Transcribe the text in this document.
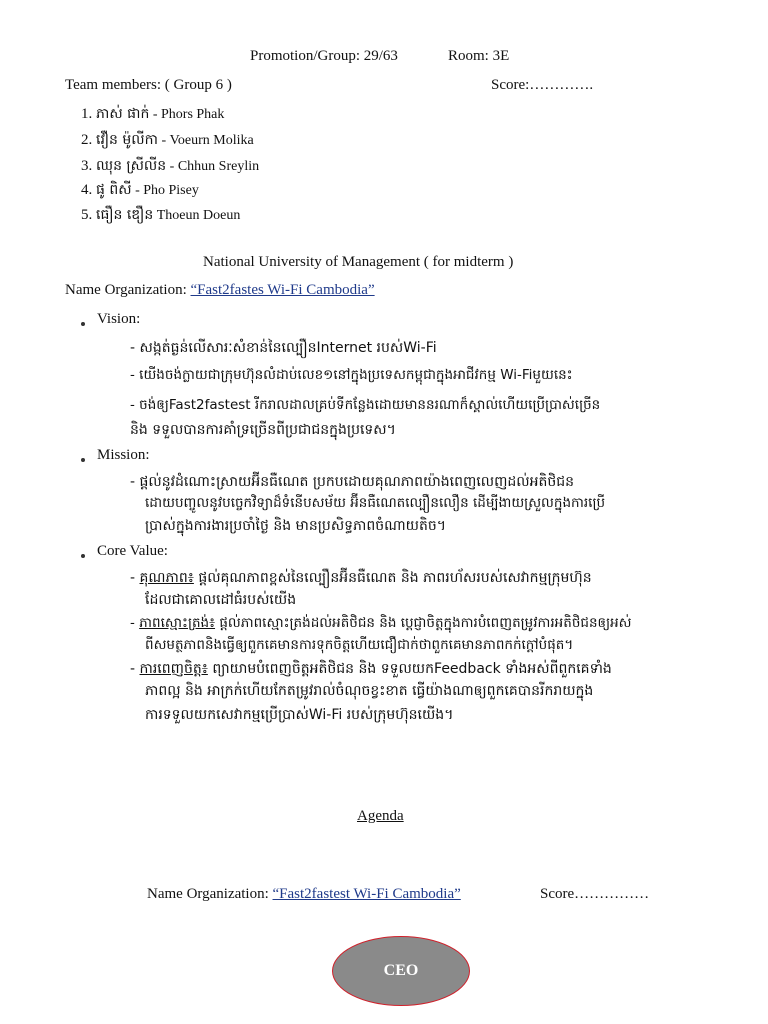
Promotion/Group: 29/63	Room: 3E
Team members: ( Group 6 )	Score:………….
1. ភាស់ ផាក់ - Phors Phak
2. វឿន ម៉ូលីកា - Voeurn Molika
3. ឈុន ស្រីលីន - Chhun Sreylin
4. ផូ ពិសី - Pho Pisey
5. ធឿន ឌឿន Thoeun Doeun
National University of Management ( for midterm )
Name Organization: “Fast2fastes Wi-Fi Cambodia”
Vision:
- សង្កត់ធ្ងន់លើសារៈសំខាន់នៃល្បឿនInternet របស់Wi-Fi
- យើងចង់ក្លាយជាក្រុមហ៊ុនលំដាប់លេខ១នៅក្នុងប្រទេសកម្ពុជាក្នុងអាជីវកម្ម Wi-Fiមួយនេះ
- ចង់ឲ្យFast2fastest រីករាលដាលគ្រប់ទីកន្លែងដោយមាននរណាក៏ស្គាល់ហើយប្រើប្រាស់ច្រើន
និង ទទួលបានការគាំទ្រច្រើនពីប្រជាជនក្នុងប្រទេស។
Mission:
- ផ្តល់នូវដំណោះស្រាយអ៊ីនធឺណេត ប្រកបដោយគុណភាពយ៉ាងពេញលេញដល់អតិថិជន
ដោយបញ្ចូលនូវបច្ចេកវិទ្យាដ៏ទំនើបសម័យ អ៊ីនធឺណេតល្បឿនលឿន ដើម្បីងាយស្រួលក្នុងការប្រើ
ប្រាស់ក្នុងការងារប្រចាំថ្ងៃ និង មានប្រសិទ្ធភាពចំណាយតិច។
Core Value:
- គុណភាព៖ ផ្តល់គុណភាពខ្ពស់នៃល្បឿនអ៊ីនធឺណេត និង ភាពរហ័សរបស់សេវាកម្មក្រុមហ៊ុន
ដែលជាគោលដៅធំរបស់យើង
- ភាពស្មោះត្រង់៖ ផ្តល់ភាពស្មោះត្រង់ដល់អតិថិជន និង ប្តេជ្ញាចិត្តក្នុងការបំពេញតម្រូវការអតិថិជនឲ្យអស់
ពីសមត្ថភាពនិងធ្វើឲ្យពួកគេមានការទុកចិត្តហើយជឿជាក់ថាពួកគេមានភាពកក់ក្តៅបំផុត។
- ការពេញចិត្ត៖ ព្យាយាមបំពេញចិត្តអតិថិជន និង ទទួលយកFeedback ទាំងអស់ពីពួកគេទាំង
ភាពល្អ និង អាក្រក់ហើយកែតម្រូវរាល់ចំណុចខ្វះខាត ធ្វើយ៉ាងណាឲ្យពួកគេបានរីករាយក្នុង
ការទទួលយកសេវាកម្មប្រើប្រាស់Wi-Fi របស់ក្រុមហ៊ុនយើង។
Agenda
Name Organization: “Fast2fastest Wi-Fi Cambodia”	Score……………
CEO
